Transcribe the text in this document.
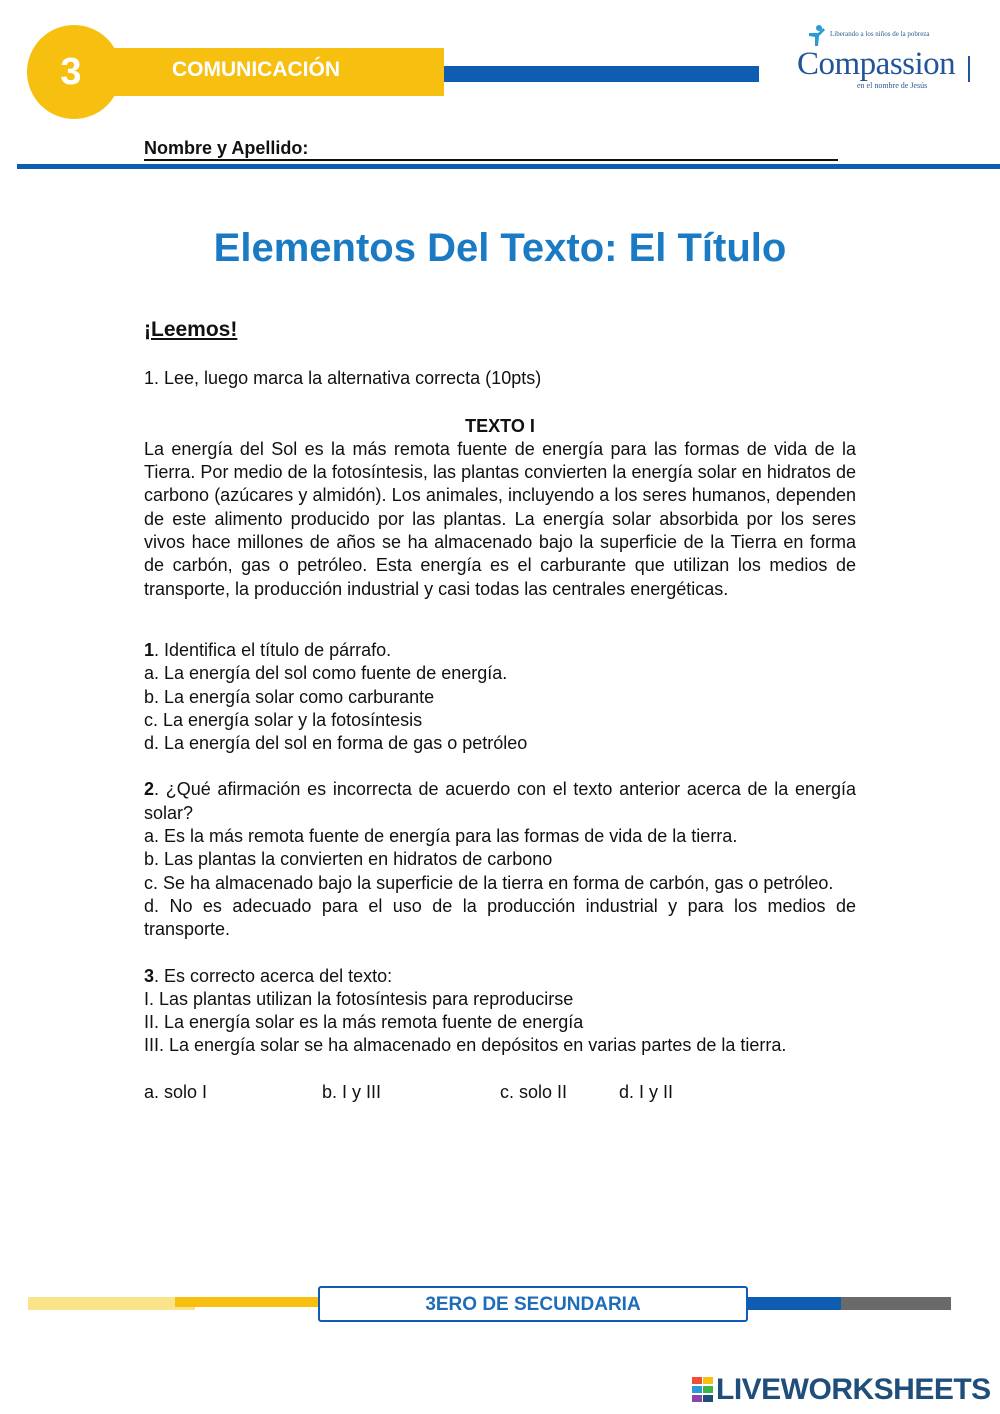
COMUNICACIÓN
3
Liberando a los niños de la pobreza
Compassion
en el nombre de Jesús
Nombre y Apellido:
Elementos Del Texto: El Título
¡Leemos!
1. Lee, luego marca la alternativa correcta (10pts)
TEXTO I
La energía del Sol es la más remota fuente de energía para las formas de vida de la Tierra. Por medio de la fotosíntesis, las plantas convierten la energía solar en hidratos de carbono (azúcares y almidón). Los animales, incluyendo a los seres humanos, dependen de este alimento producido por las plantas. La energía solar absorbida por los seres vivos hace millones de años se ha almacenado bajo la superficie de la Tierra en forma de carbón, gas o petróleo. Esta energía es el carburante que utilizan los medios de transporte, la producción industrial y casi todas las centrales energéticas.
1. Identifica el título de párrafo.
a. La energía del sol como fuente de energía.
b. La energía solar como carburante
c. La energía solar y la fotosíntesis
d. La energía del sol en forma de gas o petróleo
2. ¿Qué afirmación es incorrecta de acuerdo con el texto anterior acerca de la energía solar?
a. Es la más remota fuente de energía para las formas de vida de la tierra.
b. Las plantas la convierten en hidratos de carbono
c. Se ha almacenado bajo la superficie de la tierra en forma de carbón, gas o petróleo.
d. No es adecuado para el uso de la producción industrial y para los medios de transporte.
3. Es correcto acerca del texto:
I. Las plantas utilizan la fotosíntesis para reproducirse
II. La energía solar es la más remota fuente de energía
III. La energía solar se ha almacenado en depósitos en varias partes de la tierra.
a. solo I	b. I y III	c. solo II	d. I y II
3ERO DE SECUNDARIA
LIVEWORKSHEETS
